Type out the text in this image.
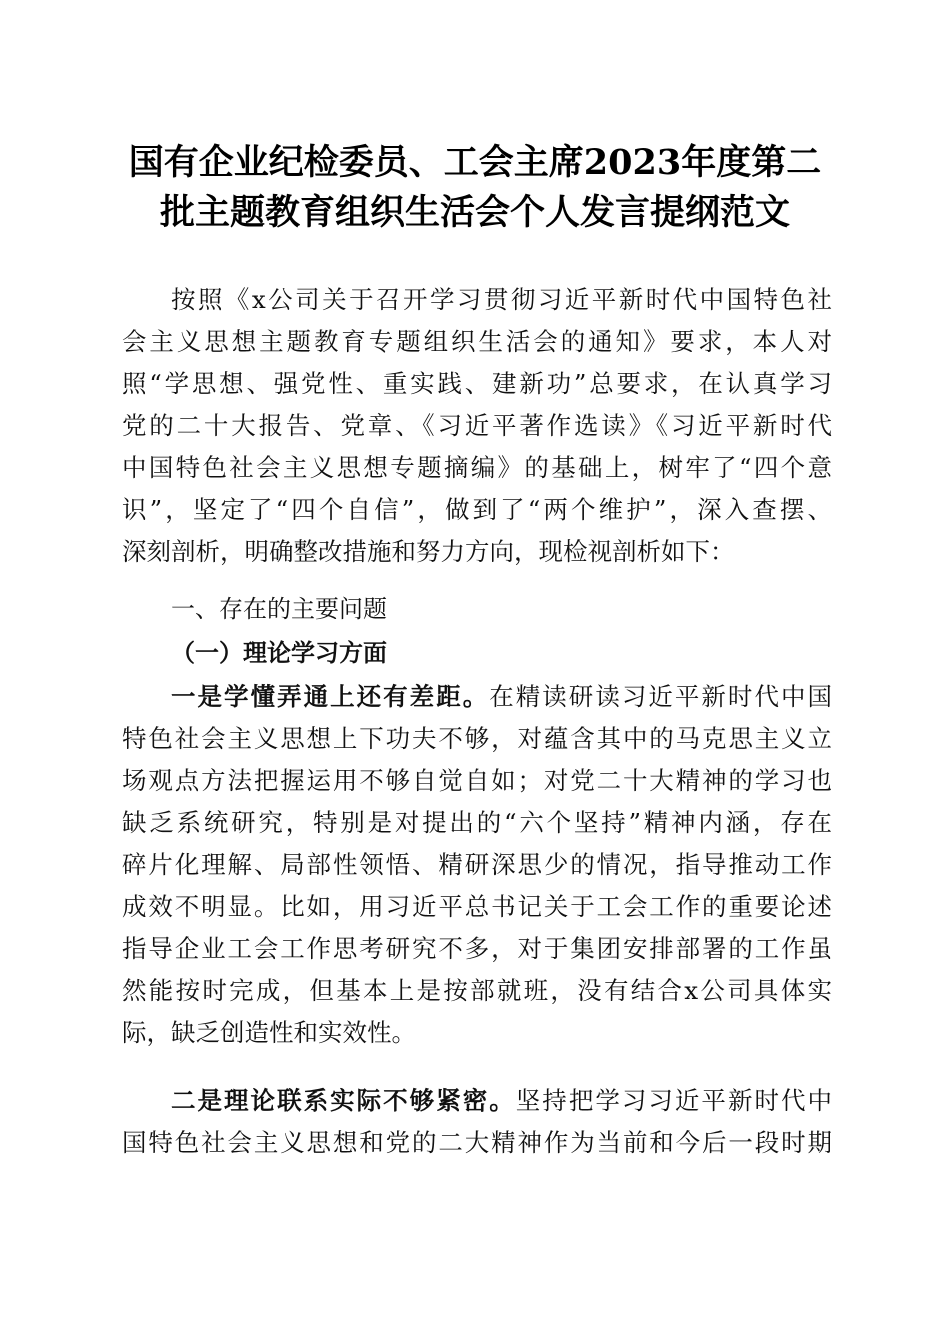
国有企业纪检委员、工会主席2023年度第二
批主题教育组织生活会个人发言提纲范文
按照《x公司关于召开学习贯彻习近平新时代中国特色社
会主义思想主题教育专题组织生活会的通知》要求，本人对
照“学思想、强党性、重实践、建新功”总要求，在认真学习
党的二十大报告、党章、《习近平著作选读》《习近平新时代
中国特色社会主义思想专题摘编》的基础上，树牢了“四个意
识”，坚定了“四个自信”，做到了“两个维护”，深入查摆、
深刻剖析，明确整改措施和努力方向，现检视剖析如下：
一、存在的主要问题
（一）理论学习方面
一是学懂弄通上还有差距。在精读研读习近平新时代中国
特色社会主义思想上下功夫不够，对蕴含其中的马克思主义立
场观点方法把握运用不够自觉自如；对党二十大精神的学习也
缺乏系统研究，特别是对提出的“六个坚持”精神内涵，存在
碎片化理解、局部性领悟、精研深思少的情况，指导推动工作
成效不明显。比如，用习近平总书记关于工会工作的重要论述
指导企业工会工作思考研究不多，对于集团安排部署的工作虽
然能按时完成，但基本上是按部就班，没有结合x公司具体实
际，缺乏创造性和实效性。
二是理论联系实际不够紧密。坚持把学习习近平新时代中
国特色社会主义思想和党的二大精神作为当前和今后一段时期
